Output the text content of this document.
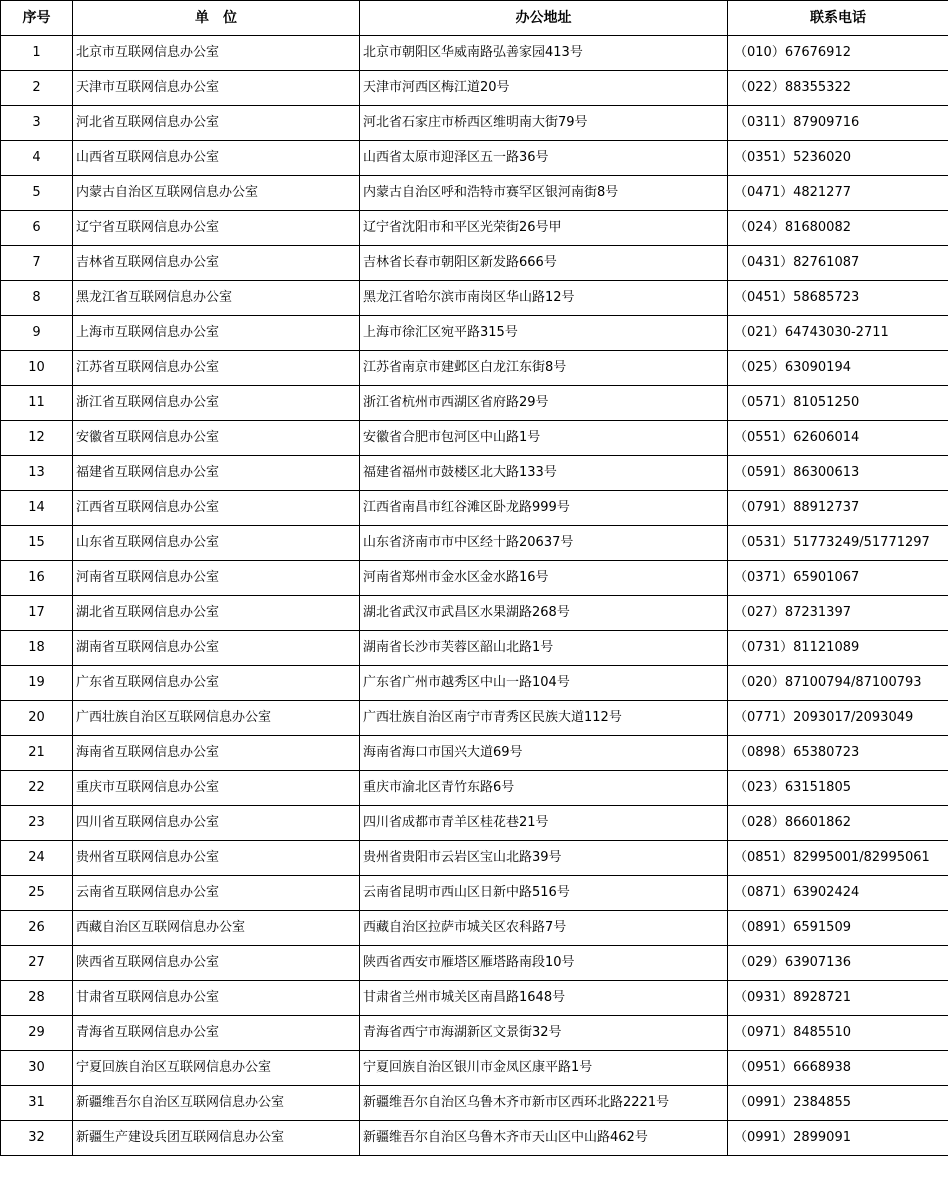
序号	单　位	办公地址	联系电话
1	北京市互联网信息办公室	北京市朝阳区华威南路弘善家园413号	（010）67676912
2	天津市互联网信息办公室	天津市河西区梅江道20号	（022）88355322
3	河北省互联网信息办公室	河北省石家庄市桥西区维明南大街79号	（0311）87909716
4	山西省互联网信息办公室	山西省太原市迎泽区五一路36号	（0351）5236020
5	内蒙古自治区互联网信息办公室	内蒙古自治区呼和浩特市赛罕区银河南街8号	（0471）4821277
6	辽宁省互联网信息办公室	辽宁省沈阳市和平区光荣街26号甲	（024）81680082
7	吉林省互联网信息办公室	吉林省长春市朝阳区新发路666号	（0431）82761087
8	黑龙江省互联网信息办公室	黑龙江省哈尔滨市南岗区华山路12号	（0451）58685723
9	上海市互联网信息办公室	上海市徐汇区宛平路315号	（021）64743030-2711
10	江苏省互联网信息办公室	江苏省南京市建邺区白龙江东街8号	（025）63090194
11	浙江省互联网信息办公室	浙江省杭州市西湖区省府路29号	（0571）81051250
12	安徽省互联网信息办公室	安徽省合肥市包河区中山路1号	（0551）62606014
13	福建省互联网信息办公室	福建省福州市鼓楼区北大路133号	（0591）86300613
14	江西省互联网信息办公室	江西省南昌市红谷滩区卧龙路999号	（0791）88912737
15	山东省互联网信息办公室	山东省济南市市中区经十路20637号	（0531）51773249/51771297
16	河南省互联网信息办公室	河南省郑州市金水区金水路16号	（0371）65901067
17	湖北省互联网信息办公室	湖北省武汉市武昌区水果湖路268号	（027）87231397
18	湖南省互联网信息办公室	湖南省长沙市芙蓉区韶山北路1号	（0731）81121089
19	广东省互联网信息办公室	广东省广州市越秀区中山一路104号	（020）87100794/87100793
20	广西壮族自治区互联网信息办公室	广西壮族自治区南宁市青秀区民族大道112号	（0771）2093017/2093049
21	海南省互联网信息办公室	海南省海口市国兴大道69号	（0898）65380723
22	重庆市互联网信息办公室	重庆市渝北区青竹东路6号	（023）63151805
23	四川省互联网信息办公室	四川省成都市青羊区桂花巷21号	（028）86601862
24	贵州省互联网信息办公室	贵州省贵阳市云岩区宝山北路39号	（0851）82995001/82995061
25	云南省互联网信息办公室	云南省昆明市西山区日新中路516号	（0871）63902424
26	西藏自治区互联网信息办公室	西藏自治区拉萨市城关区农科路7号	（0891）6591509
27	陕西省互联网信息办公室	陕西省西安市雁塔区雁塔路南段10号	（029）63907136
28	甘肃省互联网信息办公室	甘肃省兰州市城关区南昌路1648号	（0931）8928721
29	青海省互联网信息办公室	青海省西宁市海湖新区文景街32号	（0971）8485510
30	宁夏回族自治区互联网信息办公室	宁夏回族自治区银川市金凤区康平路1号	（0951）6668938
31	新疆维吾尔自治区互联网信息办公室	新疆维吾尔自治区乌鲁木齐市新市区西环北路2221号	（0991）2384855
32	新疆生产建设兵团互联网信息办公室	新疆维吾尔自治区乌鲁木齐市天山区中山路462号	（0991）2899091
